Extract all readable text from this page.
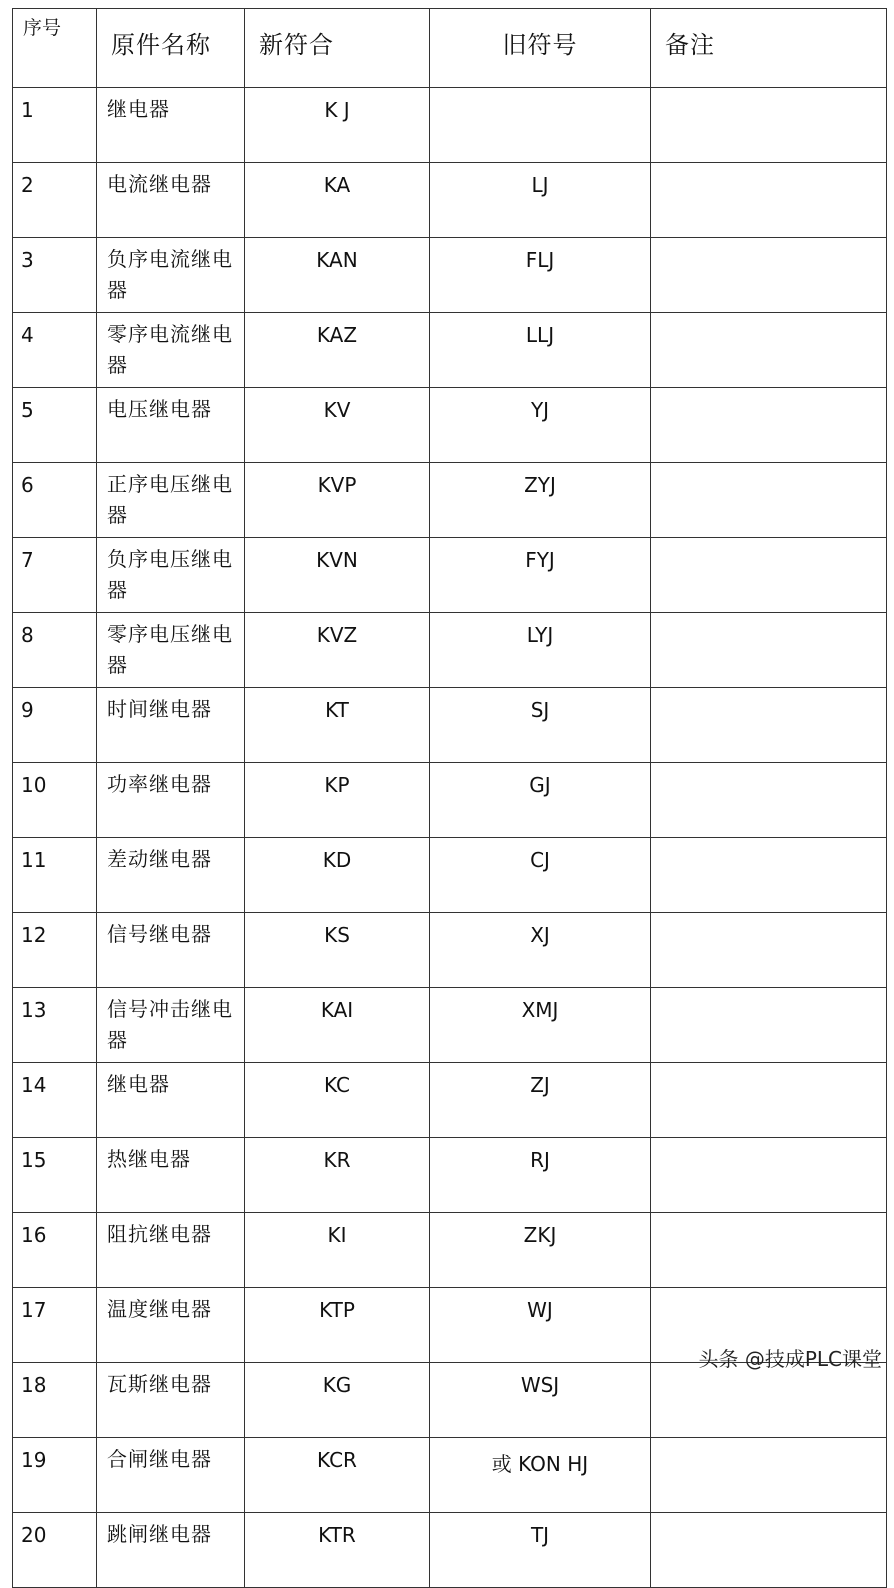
序号	原件名称	新符合	旧符号	备注
1	继电器	K J		
2	电流继电器	KA	LJ	
3	负序电流继电器	KAN	FLJ	
4	零序电流继电器	KAZ	LLJ	
5	电压继电器	KV	YJ	
6	正序电压继电器	KVP	ZYJ	
7	负序电压继电器	KVN	FYJ	
8	零序电压继电器	KVZ	LYJ	
9	时间继电器	KT	SJ	
10	功率继电器	KP	GJ	
11	差动继电器	KD	CJ	
12	信号继电器	KS	XJ	
13	信号冲击继电器	KAI	XMJ	
14	继电器	KC	ZJ	
15	热继电器	KR	RJ	
16	阻抗继电器	KI	ZKJ	
17	温度继电器	KTP	WJ	
18	瓦斯继电器	KG	WSJ	
19	合闸继电器	KCR	或 KON HJ	
20	跳闸继电器	KTR	TJ	
头条 @技成PLC课堂
